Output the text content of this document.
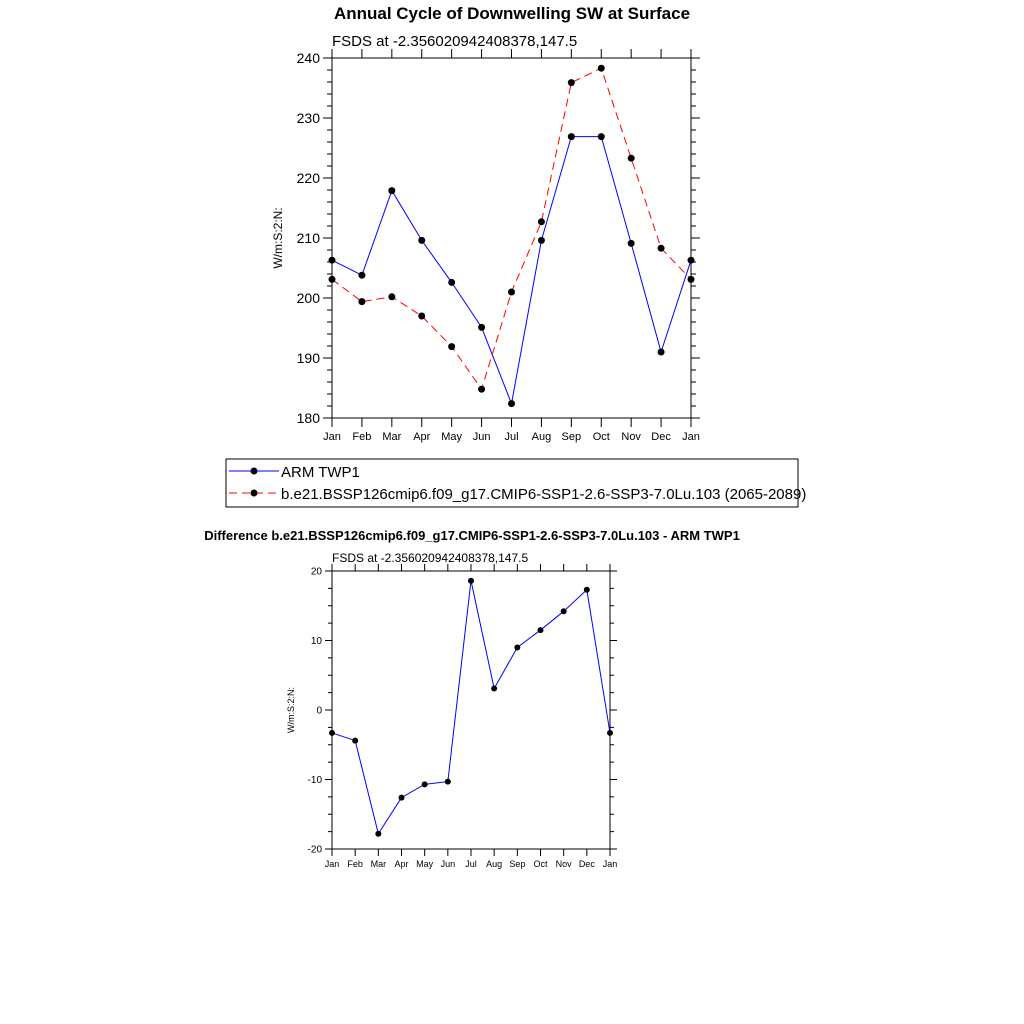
Annual Cycle of Downwelling SW at Surface
FSDS at -2.356020942408378,147.5
W/m:S:2:N:
180
190
200
210
220
230
240
Jan Feb Mar Apr May Jun Jul Aug Sep Oct Nov Dec Jan
ARM TWP1
b.e21.BSSP126cmip6.f09_g17.CMIP6-SSP1-2.6-SSP3-7.0Lu.103 (2065-2089)
Difference b.e21.BSSP126cmip6.f09_g17.CMIP6-SSP1-2.6-SSP3-7.0Lu.103 - ARM TWP1
FSDS at -2.356020942408378,147.5
W/m:S:2:N:
-20
-10
0
10
20
Jan Feb Mar Apr May Jun Jul Aug Sep Oct Nov Dec Jan
